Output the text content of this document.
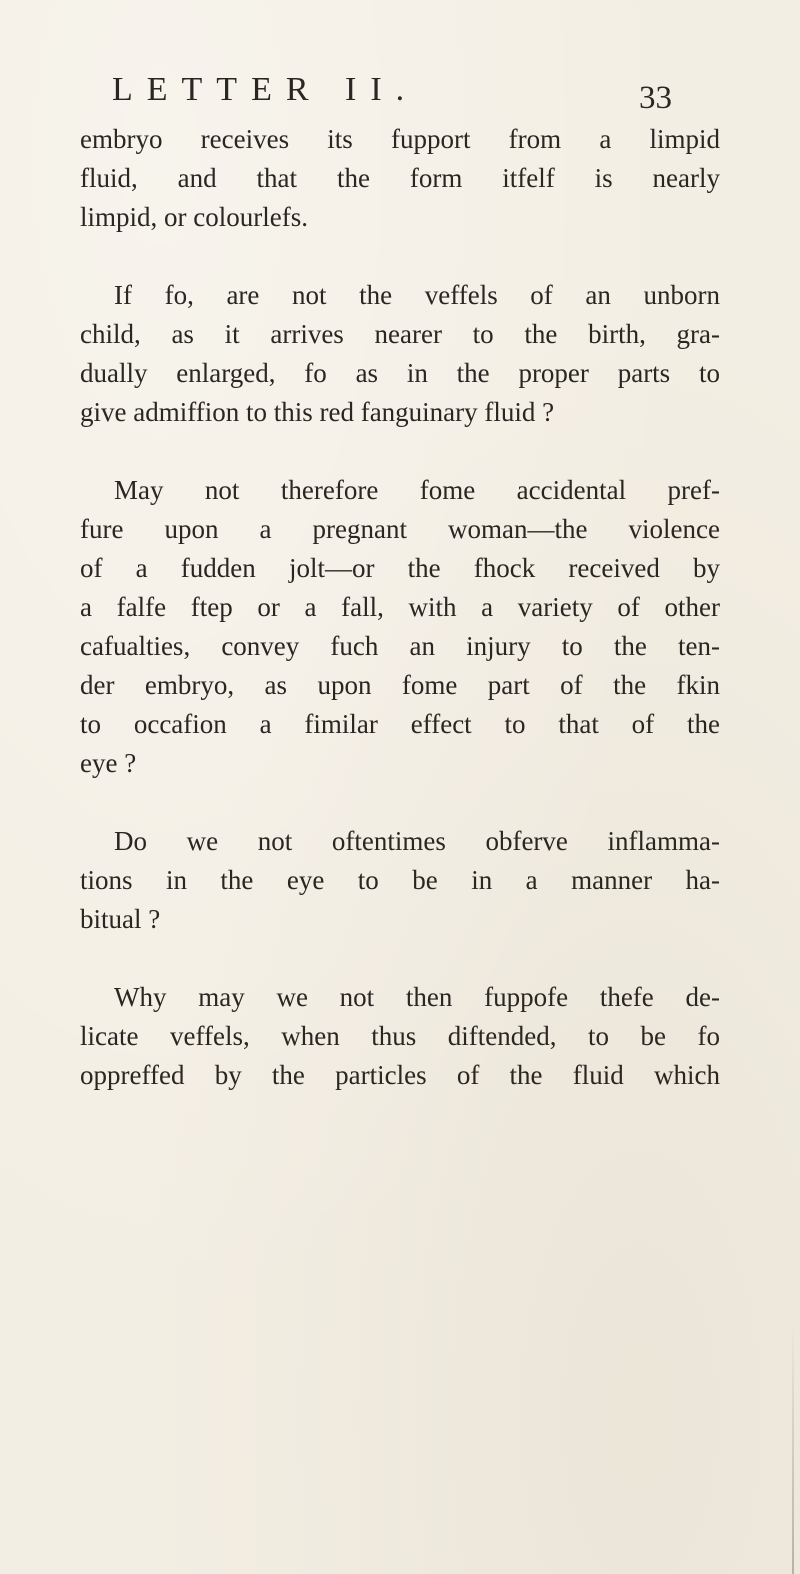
LETTER II.	33

embryo receives its fupport from a limpid
fluid, and that the form itfelf is nearly
limpid, or colourlefs.

If fo, are not the veffels of an unborn
child, as it arrives nearer to the birth, gra-
dually enlarged, fo as in the proper parts to
give admiffion to this red fanguinary fluid ?

May not therefore fome accidental pref-
fure upon a pregnant woman—the violence
of a fudden jolt—or the fhock received by
a falfe ftep or a fall, with a variety of other
cafualties, convey fuch an injury to the ten-
der embryo, as upon fome part of the fkin
to occafion a fimilar effect to that of the
eye ?

Do we not oftentimes obferve inflamma-
tions in the eye to be in a manner ha-
bitual ?

Why may we not then fuppofe thefe de-
licate veffels, when thus diftended, to be fo
oppreffed by the particles of the fluid which
